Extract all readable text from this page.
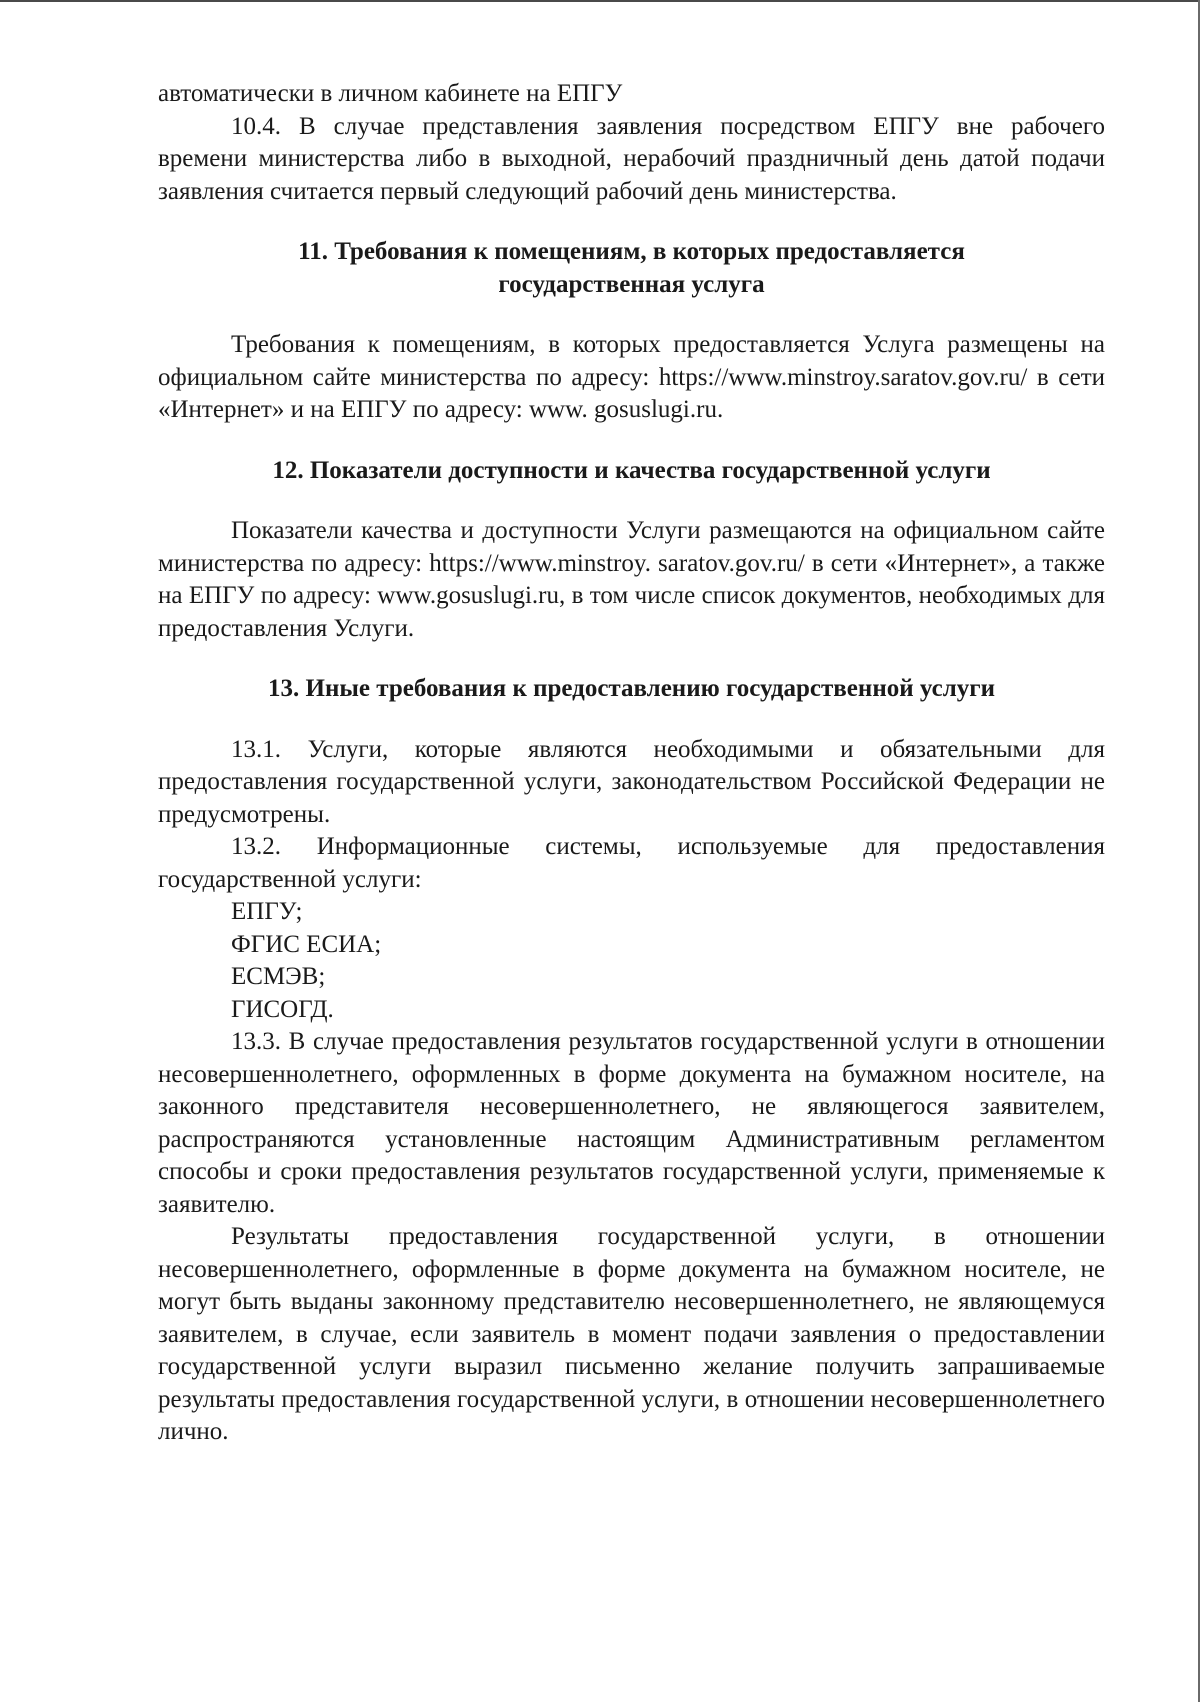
автоматически в личном кабинете на ЕПГУ

10.4. В случае представления заявления посредством ЕПГУ вне рабочего времени министерства либо в выходной, нерабочий праздничный день датой подачи заявления считается первый следующий рабочий день министерства.

11. Требования к помещениям, в которых предоставляется
государственная услуга

Требования к помещениям, в которых предоставляется Услуга размещены на официальном сайте министерства по адресу: https://www.minstroy.saratov.gov.ru/ в сети «Интернет» и на ЕПГУ по адресу: www. gosuslugi.ru.

12. Показатели доступности и качества государственной услуги

Показатели качества и доступности Услуги размещаются на официальном сайте министерства по адресу: https://www.minstroy. saratov.gov.ru/ в сети «Интернет», а также на ЕПГУ по адресу: www.gosuslugi.ru, в том числе список документов, необходимых для предоставления Услуги.

13. Иные требования к предоставлению государственной услуги

13.1. Услуги, которые являются необходимыми и обязательными для предоставления государственной услуги, законодательством Российской Федерации не предусмотрены.

13.2. Информационные системы, используемые для предоставления государственной услуги:

ЕПГУ;

ФГИС ЕСИА;

ЕСМЭВ;

ГИСОГД.

13.3. В случае предоставления результатов государственной услуги в отношении несовершеннолетнего, оформленных в форме документа на бумажном носителе, на законного представителя несовершеннолетнего, не являющегося заявителем, распространяются установленные настоящим Административным регламентом способы и сроки предоставления результатов государственной услуги, применяемые к заявителю.

Результаты предоставления государственной услуги, в отношении несовершеннолетнего, оформленные в форме документа на бумажном носителе, не могут быть выданы законному представителю несовершеннолетнего, не являющемуся заявителем, в случае, если заявитель в момент подачи заявления о предоставлении государственной услуги выразил письменно желание получить запрашиваемые результаты предоставления государственной услуги, в отношении несовершеннолетнего лично.
